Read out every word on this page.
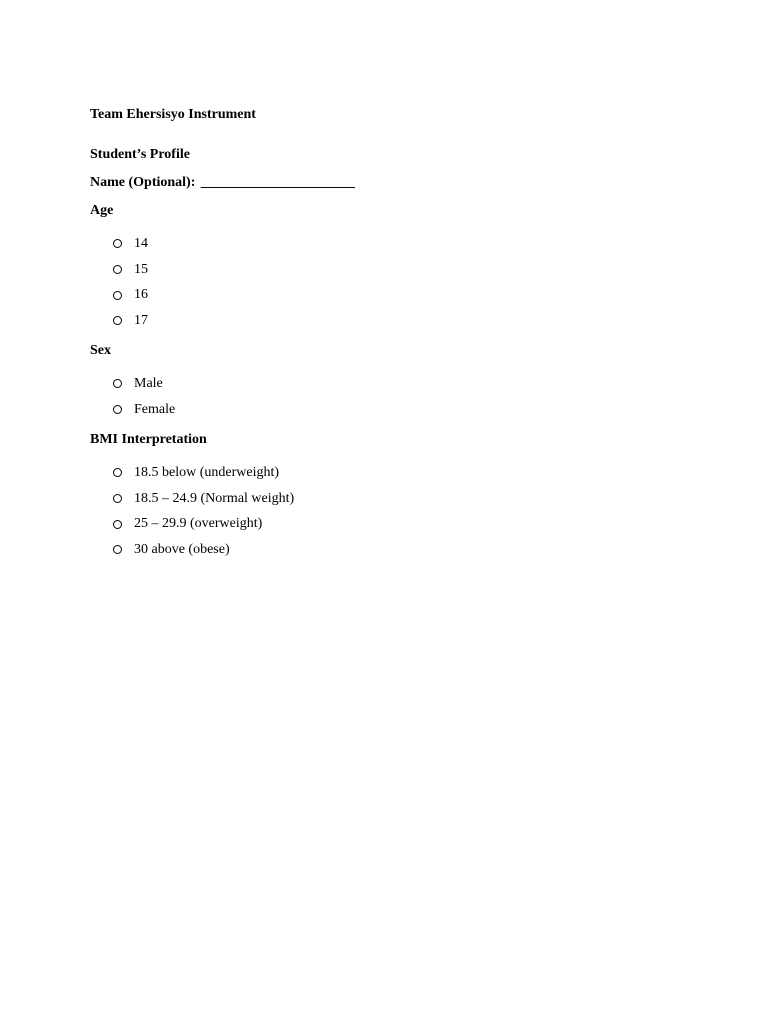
Team Ehersisyo Instrument
Student’s Profile
Name (Optional): ______________________
Age
14
15
16
17
Sex
Male
Female
BMI Interpretation
18.5 below (underweight)
18.5 – 24.9 (Normal weight)
25 – 29.9 (overweight)
30 above (obese)
